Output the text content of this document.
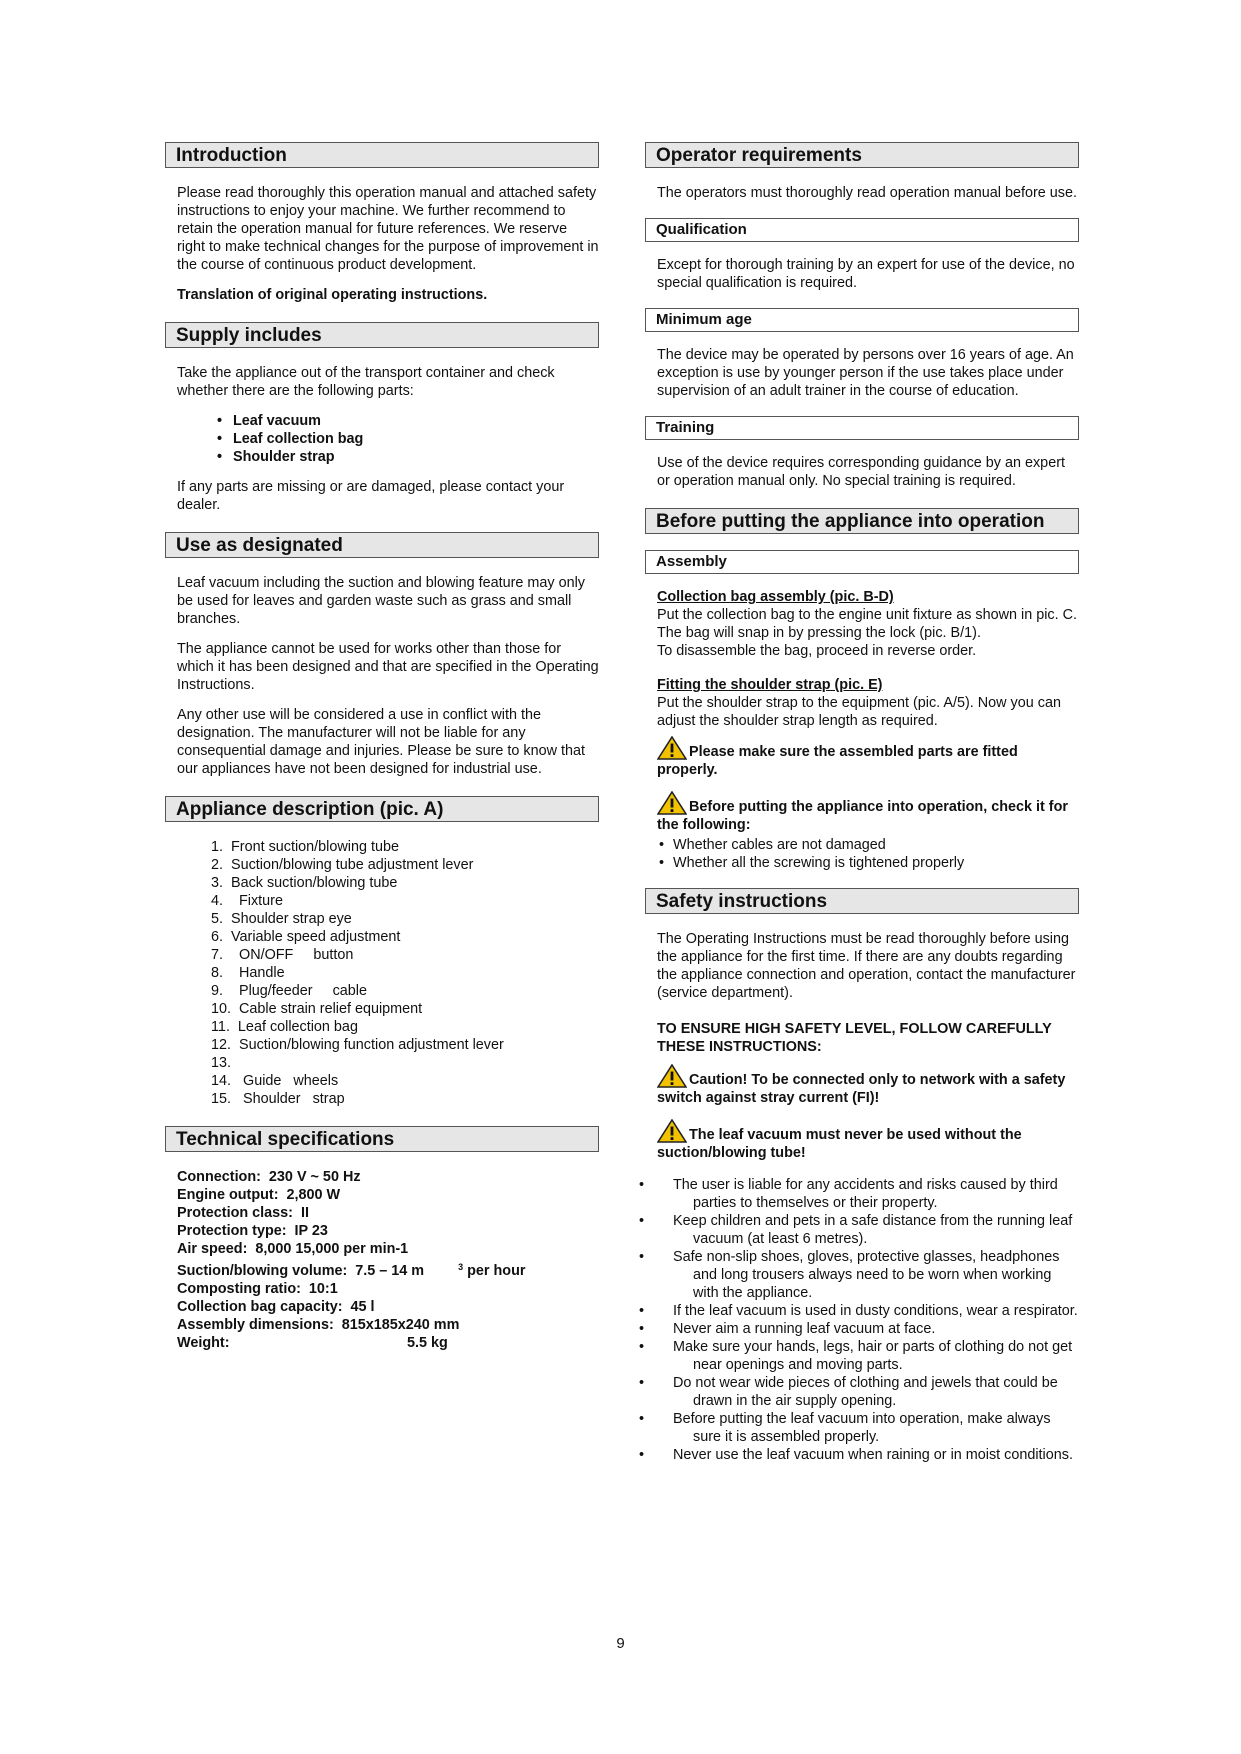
Introduction

Please read thoroughly this operation manual and attached safety instructions to enjoy your machine. We further recommend to retain the operation manual for future references. We reserve right to make technical changes for the purpose of improvement in the course of continuous product development.

Translation of original operating instructions.

Supply includes

Take the appliance out of the transport container and check whether there are the following parts:

• Leaf vacuum
• Leaf collection bag
• Shoulder strap

If any parts are missing or are damaged, please contact your dealer.

Use as designated

Leaf vacuum including the suction and blowing feature may only be used for leaves and garden waste such as grass and small branches.

The appliance cannot be used for works other than those for which it has been designed and that are specified in the Operating Instructions.

Any other use will be considered a use in conflict with the designation. The manufacturer will not be liable for any consequential damage and injuries. Please be sure to know that our appliances have not been designed for industrial use.

Appliance description (pic. A)
1.  Front suction/blowing tube
2.  Suction/blowing tube adjustment lever
3.  Back suction/blowing tube
4.    Fixture
5.  Shoulder strap eye
6.  Variable speed adjustment
7.    ON/OFF     button
8.    Handle
9.    Plug/feeder     cable
10.  Cable strain relief equipment
11.  Leaf collection bag
12.  Suction/blowing function adjustment lever
13.
14.   Guide   wheels
15.   Shoulder   strap
Technical specifications
Connection:  230 V ~ 50 Hz
Engine output:  2,800 W
Protection class:  II
Protection type:  IP 23
Air speed:  8,000 15,000 per min-1
Suction/blowing volume:  7.5 – 14 m	$^3$ per hour
Composting ratio:  10:1
Collection bag capacity:  45 l
Assembly dimensions:  815x185x240 mm
Weight:	5.5 kg
Operator requirements

The operators must thoroughly read operation manual before use.

Qualification

Except for thorough training by an expert for use of the device, no special qualification is required.

Minimum age

The device may be operated by persons over 16 years of age. An exception is use by younger person if the use takes place under supervision of an adult trainer in the course of education.

Training

Use of the device requires corresponding guidance by an expert or operation manual only. No special training is required.

Before putting the appliance into operation
Assembly
Collection bag assembly (pic. B-D)

Put the collection bag to the engine unit fixture as shown in pic. C. The bag will snap in by pressing the lock (pic. B/1).

To disassemble the bag, proceed in reverse order.

Fitting the shoulder strap (pic. E)

Put the shoulder strap to the equipment (pic. A/5). Now you can adjust the shoulder strap length as required.

Please make sure the assembled parts are fitted properly.
Before putting the appliance into operation, check it for the following:
• Whether cables are not damaged
• Whether all the screwing is tightened properly
Safety instructions

The Operating Instructions must be read thoroughly before using the appliance for the first time. If there are any doubts regarding the appliance connection and operation, contact the manufacturer (service department).

TO ENSURE HIGH SAFETY LEVEL, FOLLOW CAREFULLY THESE INSTRUCTIONS:

Caution! To be connected only to network with a safety switch against stray current (FI)!
The leaf vacuum must never be used without the suction/blowing tube!
• The user is liable for any accidents and risks caused by third parties to themselves or their property.
• Keep children and pets in a safe distance from the running leaf vacuum (at least 6 metres).
• Safe non-slip shoes, gloves, protective glasses, headphones and long trousers always need to be worn when working with the appliance.
• If the leaf vacuum is used in dusty conditions, wear a respirator.
• Never aim a running leaf vacuum at face.
• Make sure your hands, legs, hair or parts of clothing do not get near openings and moving parts.
• Do not wear wide pieces of clothing and jewels that could be drawn in the air supply opening.
• Before putting the leaf vacuum into operation, make always sure it is assembled properly.
• Never use the leaf vacuum when raining or in moist conditions.
9
